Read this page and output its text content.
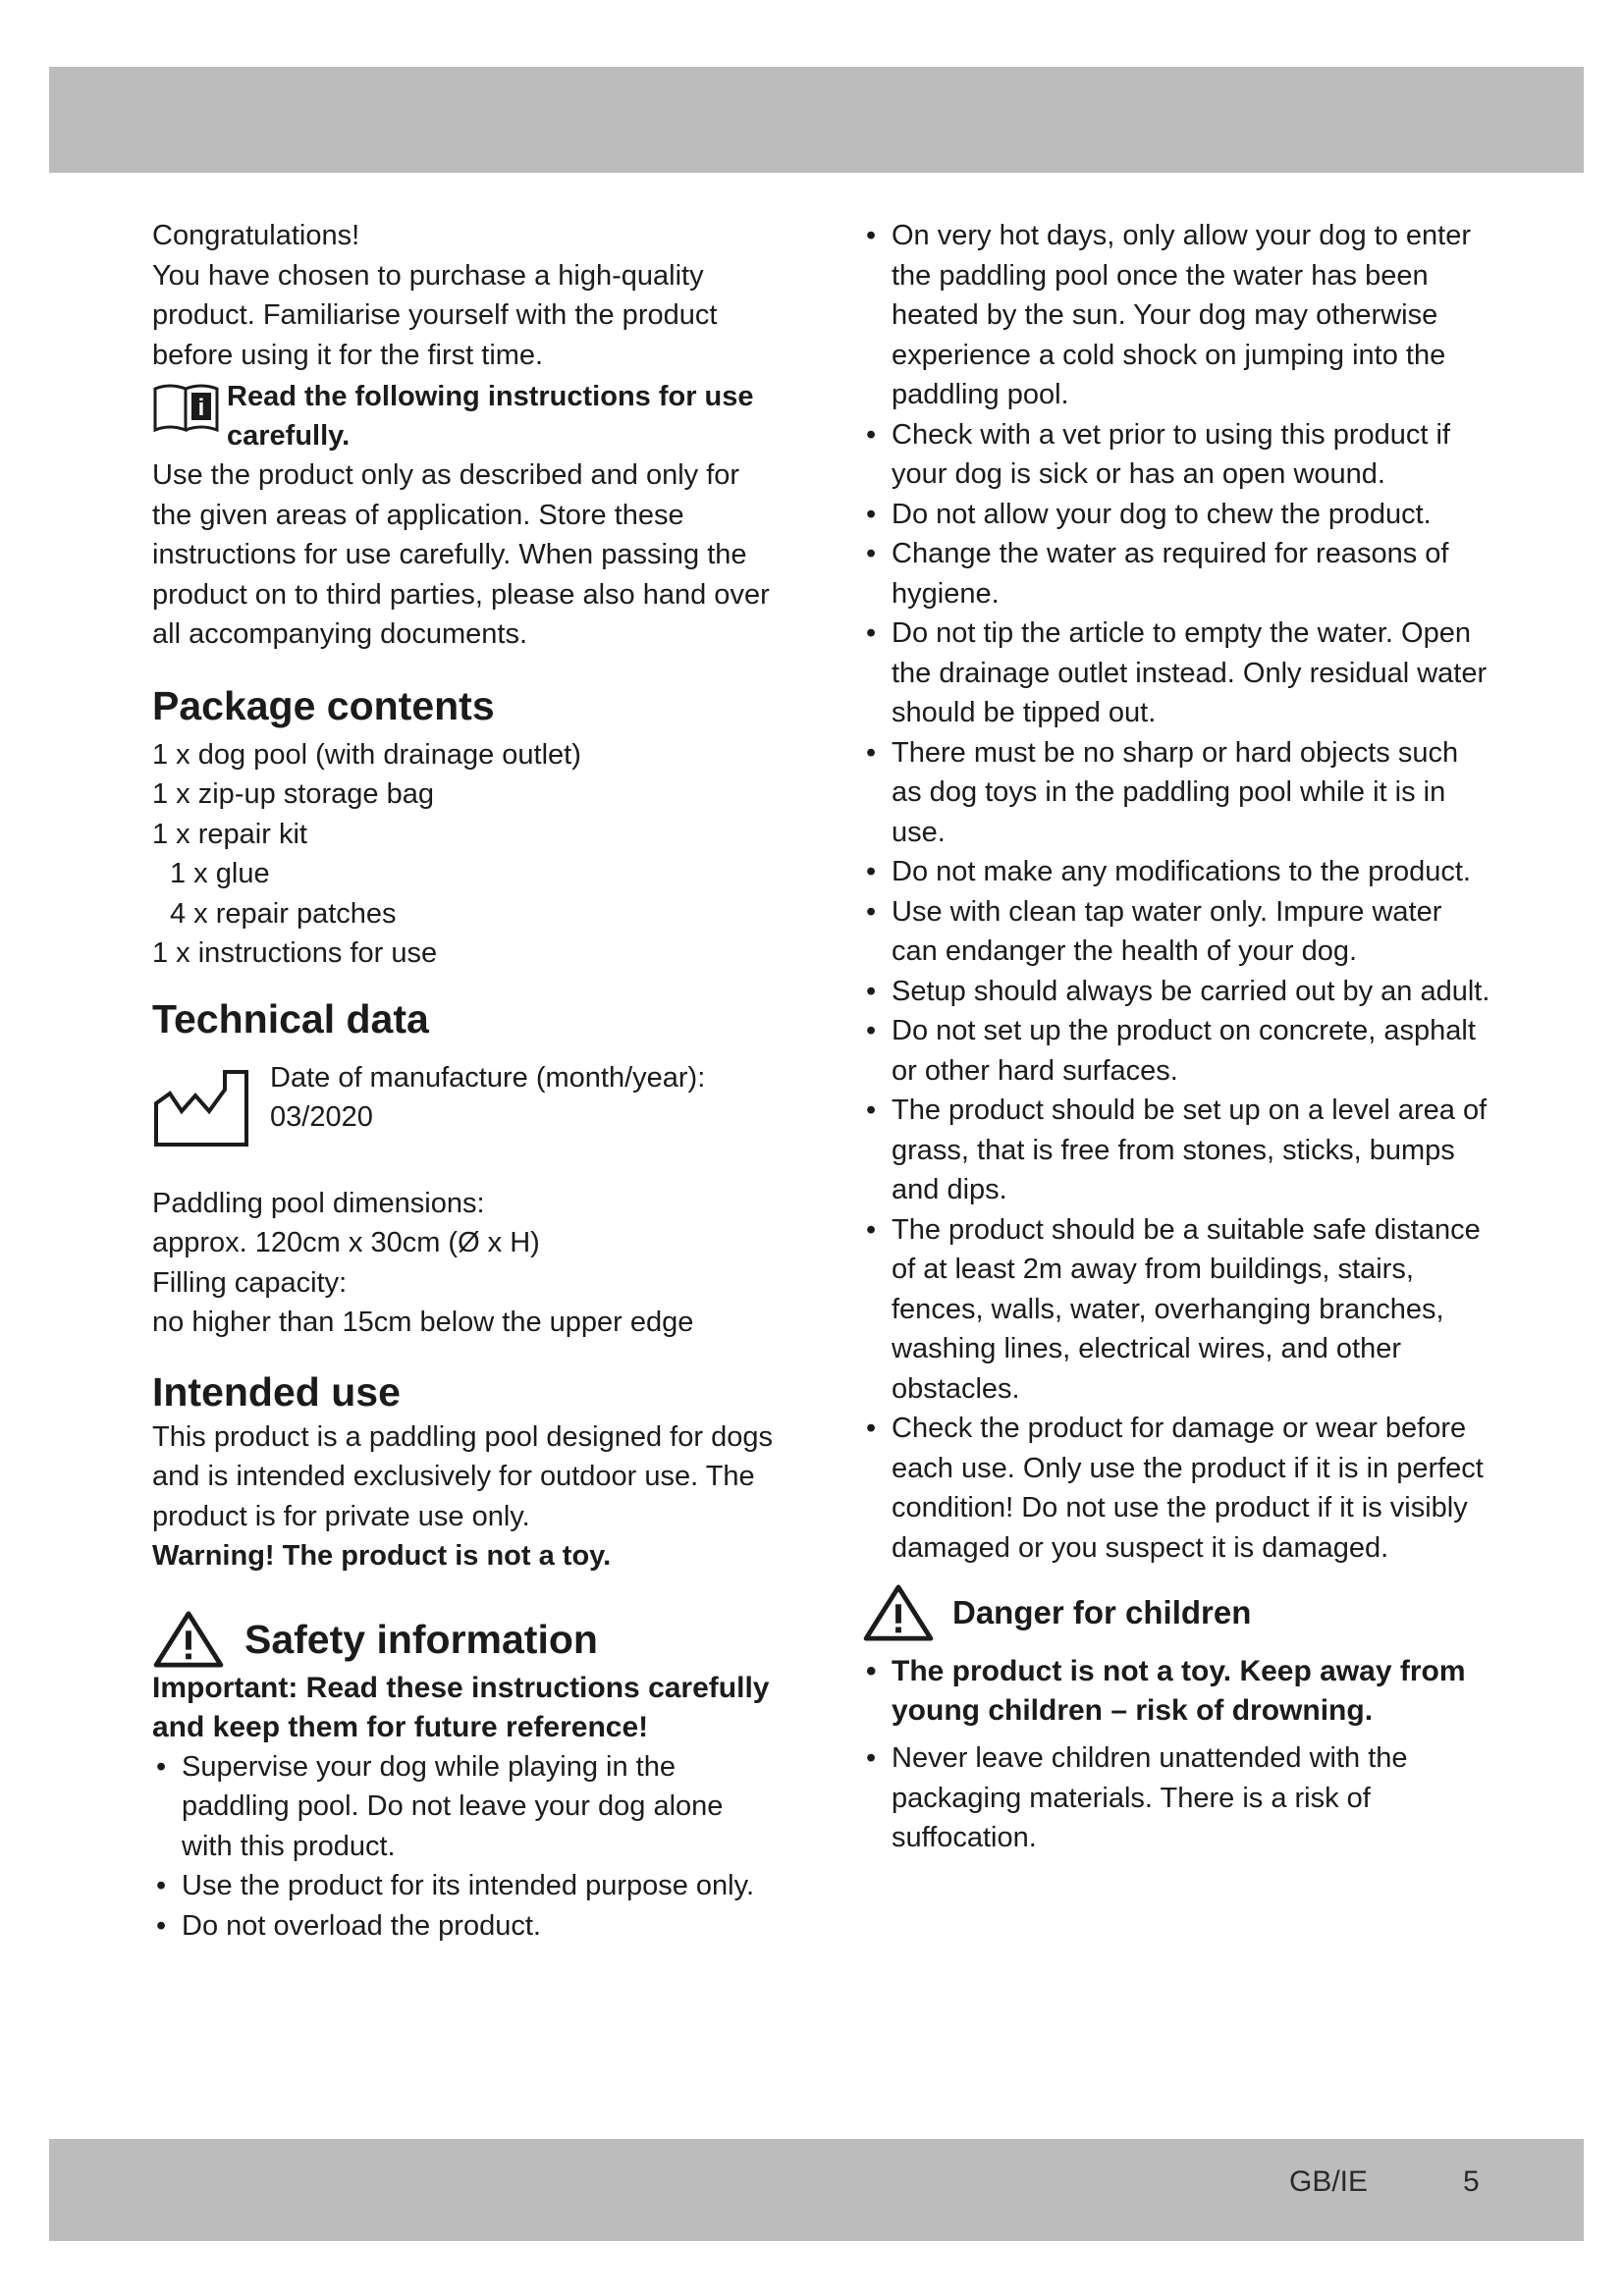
Congratulations!

You have chosen to purchase a high-quality product. Familiarise yourself with the product before using it for the first time.

i Read the following instructions for use carefully.

Use the product only as described and only for the given areas of application. Store these instructions for use carefully. When passing the product on to third parties, please also hand over all accompanying documents.

Package contents
1 x dog pool (with drainage outlet)
1 x zip-up storage bag
1 x repair kit
1 x glue
4 x repair patches
1 x instructions for use
Technical data

Date of manufacture (month/year):

03/2020

Paddling pool dimensions:

approx. 120cm x 30cm (Ø x H)

Filling capacity:

no higher than 15cm below the upper edge

Intended use

This product is a paddling pool designed for dogs and is intended exclusively for outdoor use. The product is for private use only.

Warning! The product is not a toy.

Safety information

Important: Read these instructions carefully and keep them for future reference!

• Supervise your dog while playing in the paddling pool. Do not leave your dog alone with this product.
• Use the product for its intended purpose only.
• Do not overload the product.
• On very hot days, only allow your dog to enter the paddling pool once the water has been heated by the sun. Your dog may otherwise experience a cold shock on jumping into the paddling pool.
• Check with a vet prior to using this product if your dog is sick or has an open wound.
• Do not allow your dog to chew the product.
• Change the water as required for reasons of hygiene.
• Do not tip the article to empty the water. Open the drainage outlet instead. Only residual water should be tipped out.
• There must be no sharp or hard objects such as dog toys in the paddling pool while it is in use.
• Do not make any modifications to the product.
• Use with clean tap water only. Impure water can endanger the health of your dog.
• Setup should always be carried out by an adult.
• Do not set up the product on concrete, asphalt or other hard surfaces.
• The product should be set up on a level area of grass, that is free from stones, sticks, bumps and dips.
• The product should be a suitable safe distance of at least 2m away from buildings, stairs, fences, walls, water, overhanging branches, washing lines, electrical wires, and other obstacles.
• Check the product for damage or wear before each use. Only use the product if it is in perfect condition! Do not use the product if it is visibly damaged or you suspect it is damaged.
Danger for children
• The product is not a toy. Keep away from young children – risk of drowning.
• Never leave children unattended with the packaging materials. There is a risk of suffocation.
GB/IE	5
